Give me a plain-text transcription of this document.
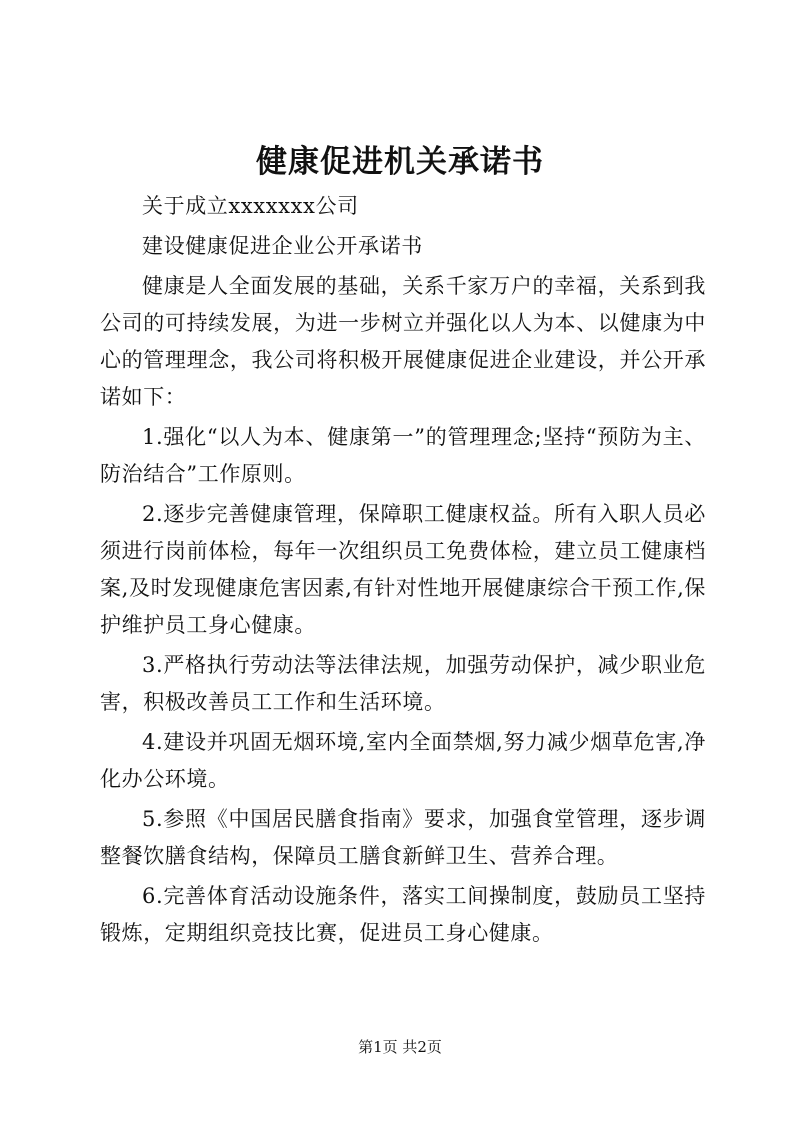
健康促进机关承诺书

关于成立xxxxxxx公司

建设健康促进企业公开承诺书

健康是人全面发展的基础，关系千家万户的幸福，关系到我公司的可持续发展，为进一步树立并强化以人为本、以健康为中心的管理理念，我公司将积极开展健康促进企业建设，并公开承诺如下：

1.强化“以人为本、健康第一”的管理理念;坚持“预防为主、防治结合”工作原则。

2.逐步完善健康管理，保障职工健康权益。所有入职人员必须进行岗前体检，每年一次组织员工免费体检，建立员工健康档案,及时发现健康危害因素,有针对性地开展健康综合干预工作,保护维护员工身心健康。

3.严格执行劳动法等法律法规，加强劳动保护，减少职业危害，积极改善员工工作和生活环境。

4.建设并巩固无烟环境,室内全面禁烟,努力减少烟草危害,净化办公环境。

5.参照《中国居民膳食指南》要求，加强食堂管理，逐步调整餐饮膳食结构，保障员工膳食新鲜卫生、营养合理。

6.完善体育活动设施条件，落实工间操制度，鼓励员工坚持锻炼，定期组织竞技比赛，促进员工身心健康。

第1页 共2页
